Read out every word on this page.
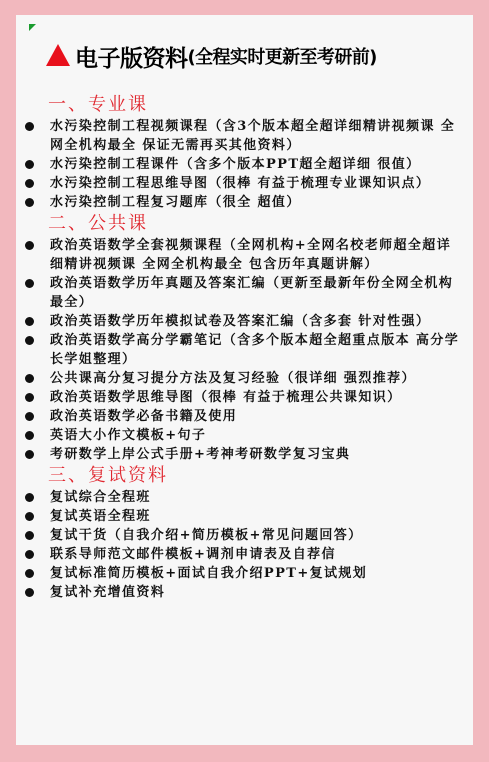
电子版资料 (全程实时更新至考研前)
一、专业课
水污染控制工程视频课程（含3个版本超全超详细精讲视频课 全网全机构最全 保证无需再买其他资料）
水污染控制工程课件（含多个版本PPT超全超详细 很值）
水污染控制工程思维导图（很棒 有益于梳理专业课知识点）
水污染控制工程复习题库（很全 超值）
二、公共课
政治英语数学全套视频课程（全网机构+全网名校老师超全超详细精讲视频课 全网全机构最全 包含历年真题讲解）
政治英语数学历年真题及答案汇编（更新至最新年份全网全机构最全）
政治英语数学历年模拟试卷及答案汇编（含多套 针对性强）
政治英语数学高分学霸笔记（含多个版本超全超重点版本 高分学长学姐整理）
公共课高分复习提分方法及复习经验（很详细 强烈推荐）
政治英语数学思维导图（很棒 有益于梳理公共课知识）
政治英语数学必备书籍及使用
英语大小作文模板+句子
考研数学上岸公式手册+考神考研数学复习宝典
三、复试资料
复试综合全程班
复试英语全程班
复试干货（自我介绍+简历模板+常见问题回答）
联系导师范文邮件模板+调剂申请表及自荐信
复试标准简历模板+面试自我介绍PPT+复试规划
复试补充增值资料
